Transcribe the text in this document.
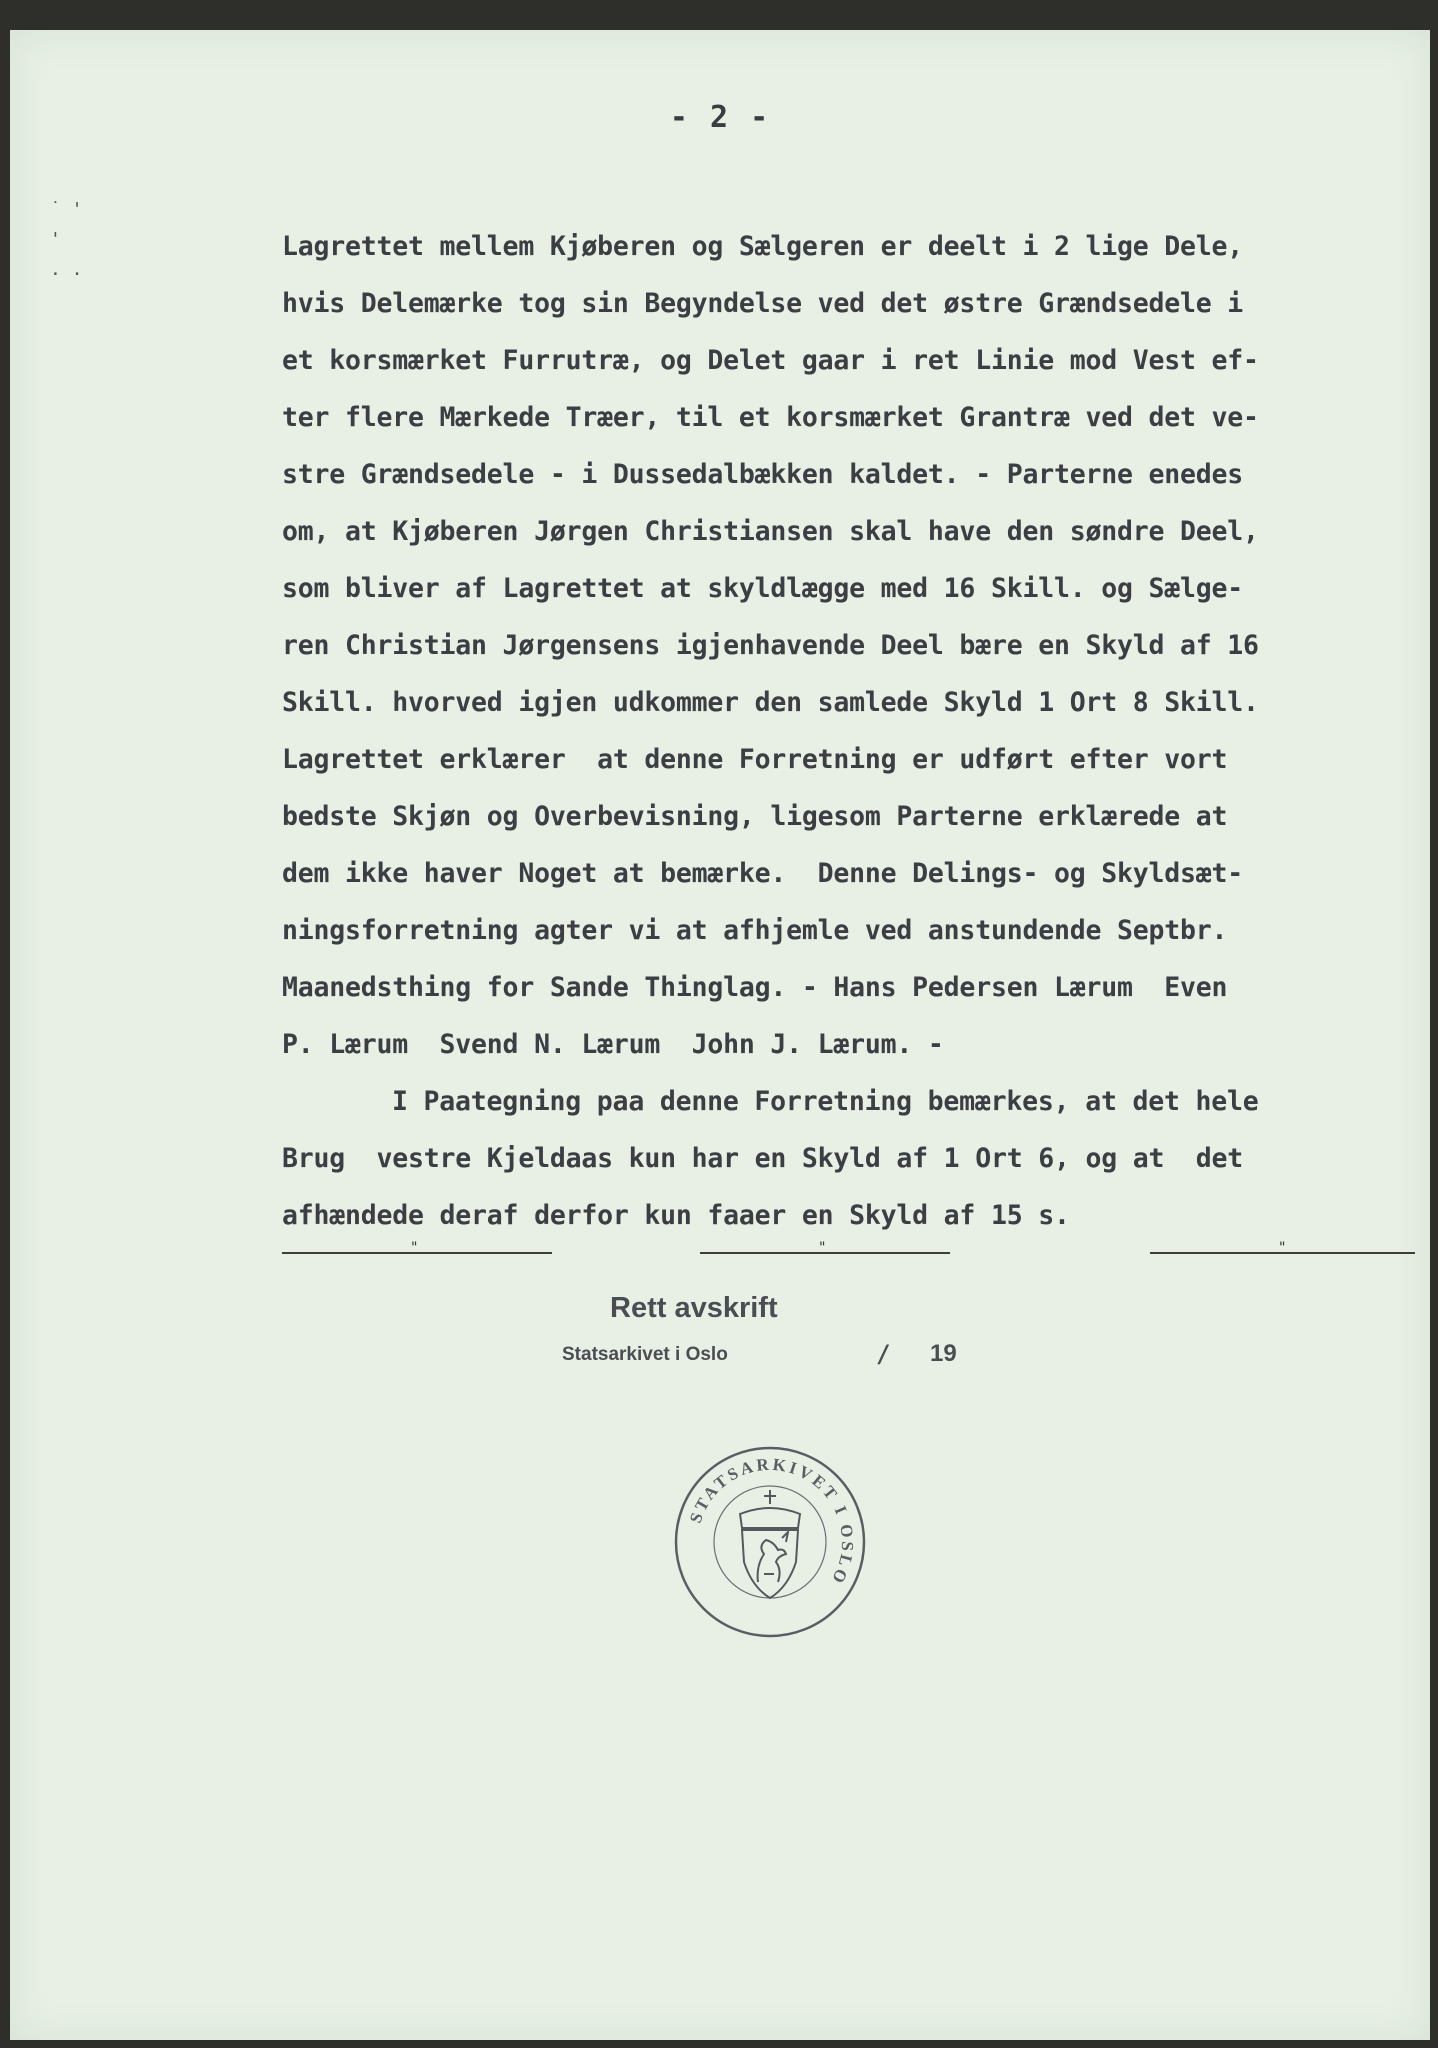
- 2 -
˙ '
'
. .
Lagrettet mellem Kjøberen og Sælgeren er deelt i 2 lige Dele,
hvis Delemærke tog sin Begyndelse ved det østre Grændsedele i
et korsmærket Furrutræ, og Delet gaar i ret Linie mod Vest ef-
ter flere Mærkede Træer, til et korsmærket Grantræ ved det ve-
stre Grændsedele - i Dussedalbækken kaldet. - Parterne enedes
om, at Kjøberen Jørgen Christiansen skal have den søndre Deel,
som bliver af Lagrettet at skyldlægge med 16 Skill. og Sælge-
ren Christian Jørgensens igjenhavende Deel bære en Skyld af 16
Skill. hvorved igjen udkommer den samlede Skyld 1 Ort 8 Skill.
Lagrettet erklærer  at denne Forretning er udført efter vort
bedste Skjøn og Overbevisning, ligesom Parterne erklærede at
dem ikke haver Noget at bemærke.  Denne Delings- og Skyldsæt-
ningsforretning agter vi at afhjemle ved anstundende Septbr.
Maanedsthing for Sande Thinglag. - Hans Pedersen Lærum  Even
P. Lærum  Svend N. Lærum  John J. Lærum. -
I Paategning paa denne Forretning bemærkes, at det hele
Brug  vestre Kjeldaas kun har en Skyld af 1 Ort 6, og at  det
afhændede deraf derfor kun faaer en Skyld af 15 s.
"	"	"
Rett avskrift
Statsarkivet i Oslo	/ 19
STATSARKIVET I OSLO
